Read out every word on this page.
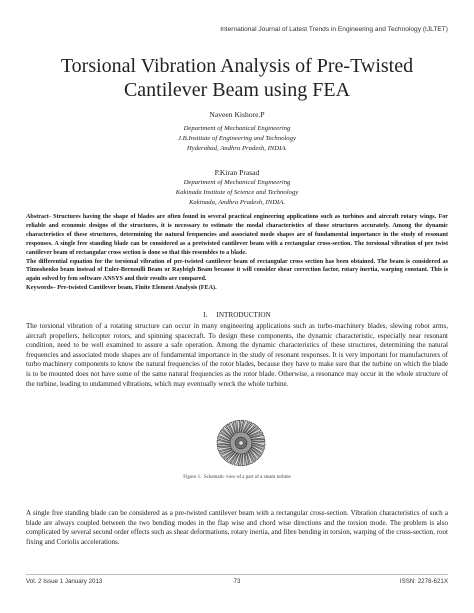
International Journal of Latest Trends in Engineering and Technology (IJLTET)
Torsional Vibration Analysis of Pre-Twisted
Cantilever Beam using FEA
Naveen Kishore.P
Department of Mechanical Engineering
J.B.Institute of Engineering and Technology
Hyderabad, Andhra Pradesh, INDIA.
P.Kiran Prasad
Department of Mechanical Engineering
Kakinada Institute of Science and Technology
Kakinada, Andhra Pradesh, INDIA.

Abstract- Structures having the shape of blades are often found in several practical engineering applications such as turbines and aircraft rotary wings. For reliable and economic designs of the structures, it is necessary to estimate the modal characteristics of those structures accurately. Among the dynamic characteristics of these structures, determining the natural frequencies and associated mode shapes are of fundamental importance in the study of resonant responses. A single free standing blade can be considered as a pretwisted cantilever beam with a rectangular cross-section. The torsional vibration of pre twist cantilever beam of rectangular cross section is done so that this resembles to a blade.

The differential equation for the torsional vibration of pre-twisted cantilever beam of rectangular cross section has been obtained. The beam is considered as Timoshenko beam instead of Euler-Bernoulli Beam or Rayleigh Beam because it will consider shear correction factor, rotary inertia, warping constant. This is again solved by fem software ANSYS and their results are compared.

Keywords– Pre-twisted Cantilever beam, Finite Element Analysis (FEA).

I.     INTRODUCTION
The torsional vibration of a rotating structure can occur in many engineering applications such as turbo-machinery blades, slewing robot arms, aircraft propellers, helicopter rotors, and spinning spacecraft. To design these components, the dynamic characteristic, especially near resonant condition, need to be well examined to assure a safe operation. Among the dynamic characteristics of these structures, determining the natural frequencies and associated mode shapes are of fundamental importance in the study of resonant responses. It is very important for manufacturers of turbo machinery components to know the natural frequencies of the rotor blades, because they have to make sure that the turbine on which the blade is to be mounted does not have some of the same natural frequencies as the rotor blade. Otherwise, a resonance may occur in the whole structure of the turbine, leading to undammed vibrations, which may eventually wreck the whole turbine.
Figure 1.  Schematic view of a part of a steam turbine
A single free standing blade can be considered as a pre-twisted cantilever beam with a rectangular cross-section. Vibration characteristics of such a blade are always coupled between the two bending modes in the flap wise and chord wise directions and the torsion mode. The problem is also complicated by several second order effects such as shear deformations, rotary inertia, and fibre bending in torsion, warping of the cross-section, root fixing and Coriolis accelerations.
Vol. 2 Issue 1 January 2013	73	ISSN: 2278-621X
